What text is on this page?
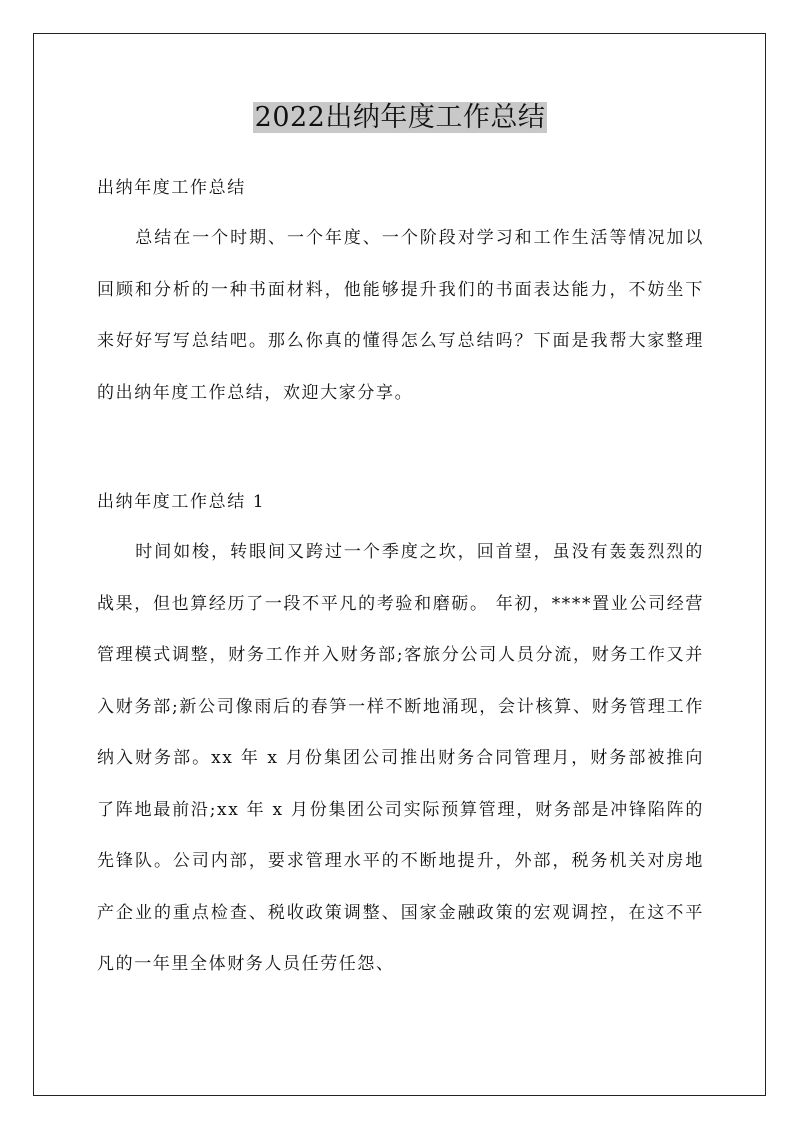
2022出纳年度工作总结
出纳年度工作总结

总结在一个时期、一个年度、一个阶段对学习和工作生活等情况加以回顾和分析的一种书面材料，他能够提升我们的书面表达能力，不妨坐下来好好写写总结吧。那么你真的懂得怎么写总结吗？下面是我帮大家整理的出纳年度工作总结，欢迎大家分享。

出纳年度工作总结 1

时间如梭，转眼间又跨过一个季度之坎，回首望，虽没有轰轰烈烈的战果，但也算经历了一段不平凡的考验和磨砺。 年初，****置业公司经营管理模式调整，财务工作并入财务部;客旅分公司人员分流，财务工作又并入财务部;新公司像雨后的春笋一样不断地涌现，会计核算、财务管理工作纳入财务部。xx 年 x 月份集团公司推出财务合同管理月，财务部被推向了阵地最前沿;xx 年 x 月份集团公司实际预算管理，财务部是冲锋陷阵的先锋队。公司内部，要求管理水平的不断地提升，外部，税务机关对房地产企业的重点检查、税收政策调整、国家金融政策的宏观调控，在这不平凡的一年里全体财务人员任劳任怨、
